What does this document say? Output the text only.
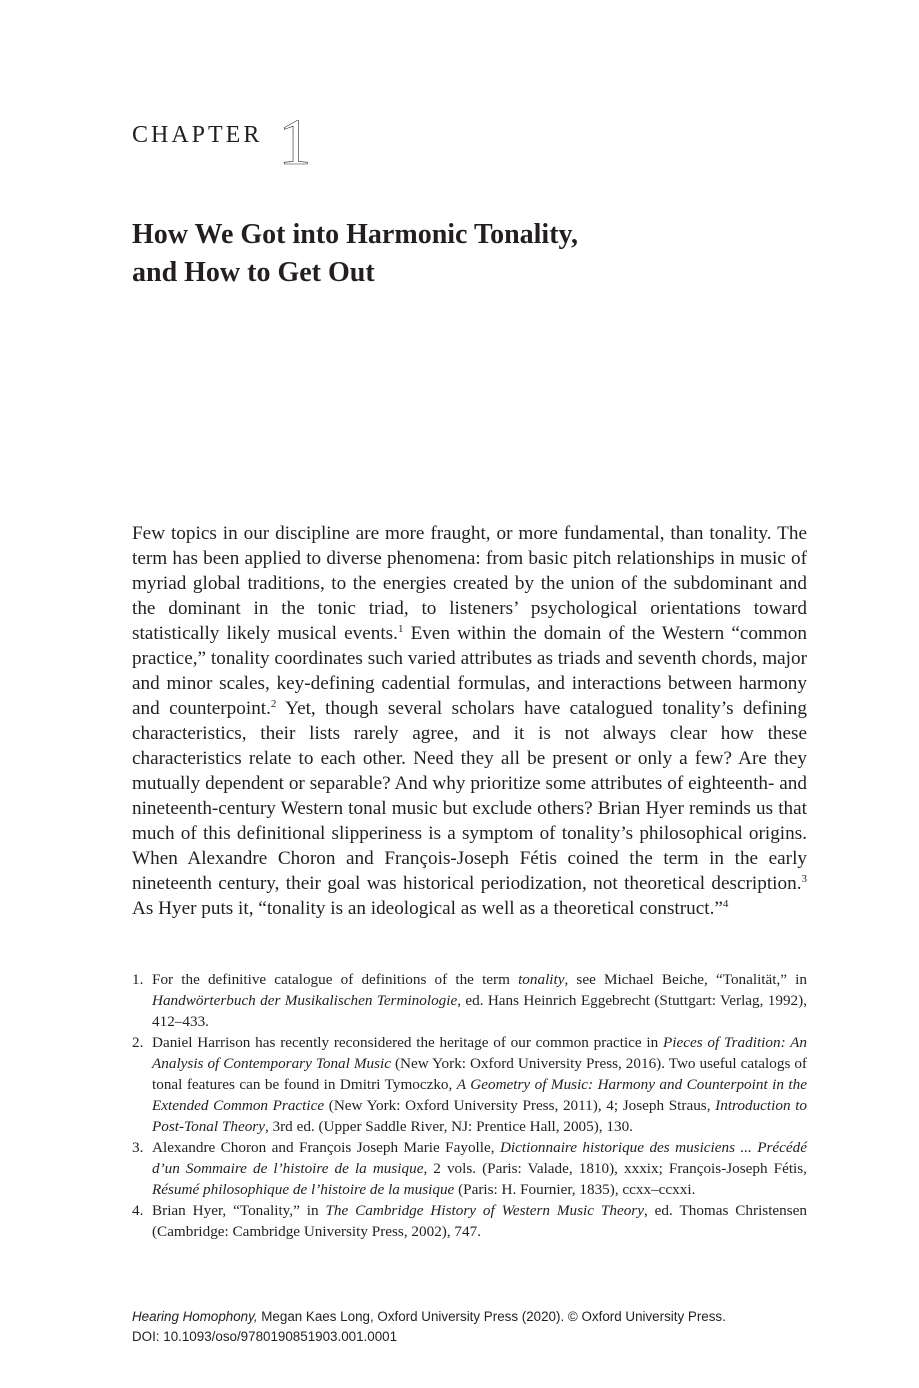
CHAPTER 1
How We Got into Harmonic Tonality,
and How to Get Out

Few topics in our discipline are more fraught, or more fundamental, than tonality. The term has been applied to diverse phenomena: from basic pitch relationships in music of myriad global traditions, to the energies created by the union of the subdominant and the dominant in the tonic triad, to listeners’ psychological orientations toward statistically likely musical events.$^1$ Even within the domain of the Western “common practice,” tonality coordinates such varied attributes as triads and seventh chords, major and minor scales, key-defining cadential formulas, and interactions between harmony and counterpoint.$^2$ Yet, though several scholars have catalogued tonality’s defining characteristics, their lists rarely agree, and it is not always clear how these characteristics relate to each other. Need they all be present or only a few? Are they mutually dependent or separable? And why prioritize some attributes of eighteenth- and nineteenth-century Western tonal music but exclude others? Brian Hyer reminds us that much of this definitional slipperiness is a symptom of tonality’s philosophical origins. When Alexandre Choron and François-Joseph Fétis coined the term in the early nineteenth century, their goal was historical periodization, not theoretical description.$^3$ As Hyer puts it, “tonality is an ideological as well as a theoretical construct.”$^4$

1. For the definitive catalogue of definitions of the term tonality, see Michael Beiche, “Tonalität,” in Handwörterbuch der Musikalischen Terminologie, ed. Hans Heinrich Eggebrecht (Stuttgart: Verlag, 1992), 412–433.
2. Daniel Harrison has recently reconsidered the heritage of our common practice in Pieces of Tradition: An Analysis of Contemporary Tonal Music (New York: Oxford University Press, 2016). Two useful catalogs of tonal features can be found in Dmitri Tymoczko, A Geometry of Music: Harmony and Counterpoint in the Extended Common Practice (New York: Oxford University Press, 2011), 4; Joseph Straus, Introduction to Post-Tonal Theory, 3rd ed. (Upper Saddle River, NJ: Prentice Hall, 2005), 130.
3. Alexandre Choron and François Joseph Marie Fayolle, Dictionnaire historique des musiciens ... Précédé d’un Sommaire de l’histoire de la musique, 2 vols. (Paris: Valade, 1810), xxxix; François-Joseph Fétis, Résumé philosophique de l’histoire de la musique (Paris: H. Fournier, 1835), ccxx–ccxxi.
4. Brian Hyer, “Tonality,” in The Cambridge History of Western Music Theory, ed. Thomas Christensen (Cambridge: Cambridge University Press, 2002), 747.
Hearing Homophony, Megan Kaes Long, Oxford University Press (2020). © Oxford University Press.
DOI: 10.1093/oso/9780190851903.001.0001
